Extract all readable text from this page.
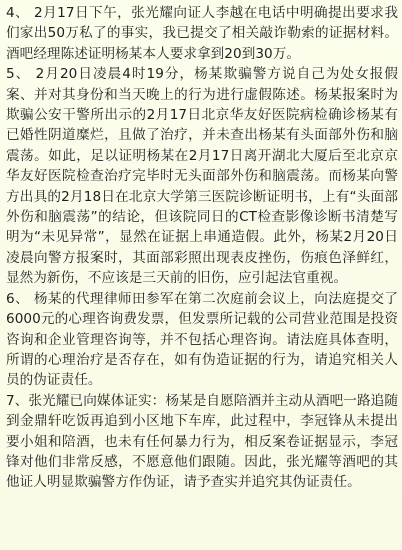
4、 2月17日下午，张光耀向证人李越在电话中明确提出要求我们家出50万私了的事实，我已提交了相关敲诈勒索的证据材料。酒吧经理陈述证明杨某本人要求拿到20到30万。

5、 2月20日凌晨4时19分，杨某欺骗警方说自己为处女报假案、并对其身份和当天晚上的行为进行虚假陈述。杨某报案时为欺骗公安干警所出示的2月17日北京华友好医院病检确诊杨某有已婚性阴道糜烂，且做了治疗，并未查出杨某有头面部外伤和脑震荡。如此，足以证明杨某在2月17日离开湖北大厦后至北京京华友好医院检查治疗完毕时无头面部外伤和脑震荡。而杨某向警方出具的2月18日在北京大学第三医院诊断证明书，上有“头面部外伤和脑震荡”的结论，但该院同日的CT检查影像诊断书清楚写明为“未见异常”，显然在证据上串通造假。此外，杨某2月20日凌晨向警方报案时，其面部彩照出现表皮挫伤，伤痕色泽鲜红，显然为新伤，不应该是三天前的旧伤，应引起法官重视。

6、 杨某的代理律师田参军在第二次庭前会议上，向法庭提交了 6000元的心理咨询费发票，但发票所记载的公司营业范围是投资咨询和企业管理咨询等，并不包括心理咨询。请法庭具体查明，所谓的心理治疗是否存在，如有伪造证据的行为，请追究相关人员的伪证责任。

7、张光耀已向媒体证实：杨某是自愿陪酒并主动从酒吧一路追随到金鼎轩吃饭再追到小区地下车库，此过程中，李冠锋从未提出要小姐和陪酒，也未有任何暴力行为，相反案卷证据显示，李冠锋对他们非常反感，不愿意他们跟随。因此，张光耀等酒吧的其他证人明显欺骗警方作伪证，请予查实并追究其伪证责任。
